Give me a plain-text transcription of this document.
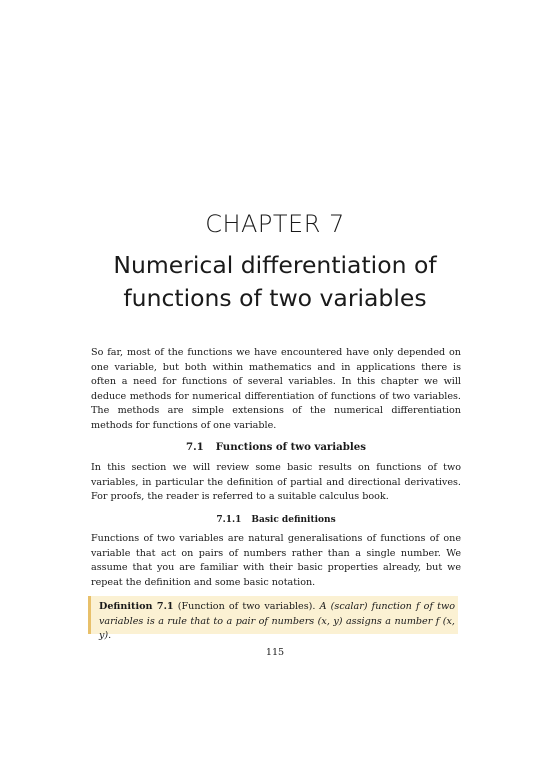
CHAPTER 7
Numerical differentiation of functions of two variables

So far, most of the functions we have encountered have only depended on one variable, but both within mathematics and in applications there is often a need for functions of several variables. In this chapter we will deduce methods for numerical differentiation of functions of two variables. The methods are simple extensions of the numerical differentiation methods for functions of one variable.

7.1 Functions of two variables

In this section we will review some basic results on functions of two variables, in particular the definition of partial and directional derivatives. For proofs, the reader is referred to a suitable calculus book.

7.1.1 Basic definitions

Functions of two variables are natural generalisations of functions of one variable that act on pairs of numbers rather than a single number. We assume that you are familiar with their basic properties already, but we repeat the definition and some basic notation.

Definition 7.1 (Function of two variables). A (scalar) function f of two variables is a rule that to a pair of numbers (x, y) assigns a number f (x, y).
115
